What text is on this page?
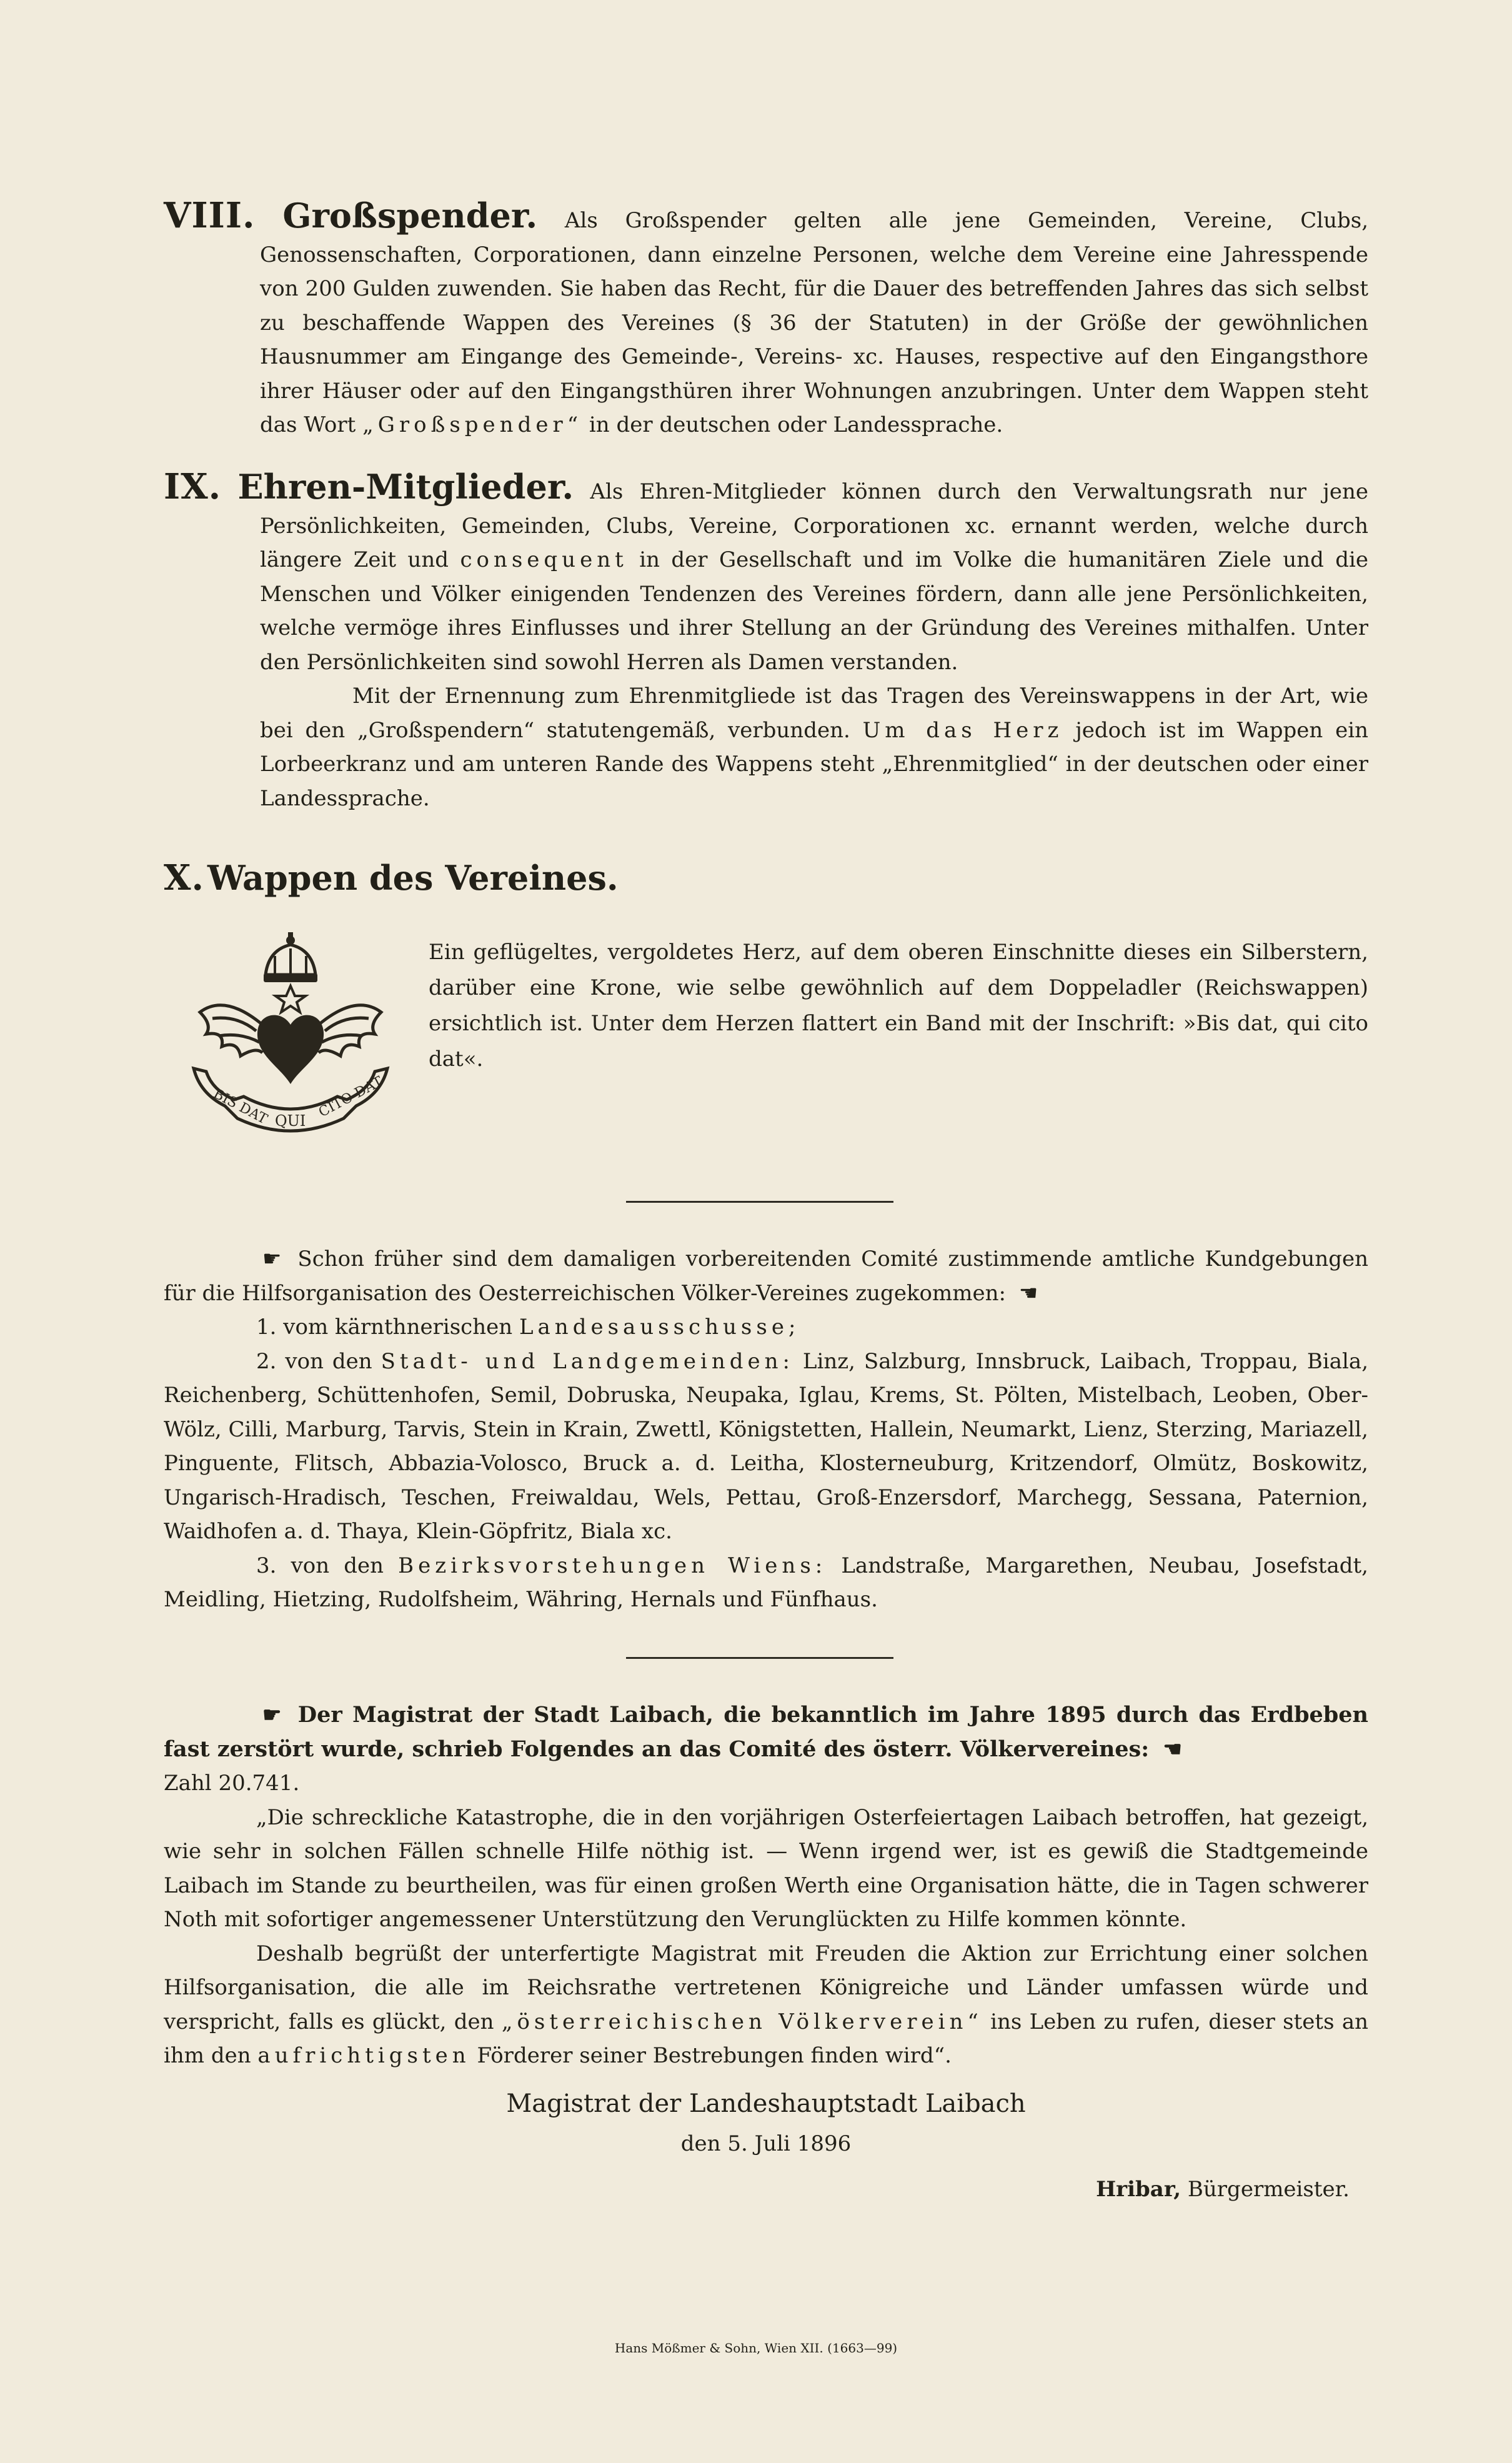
VIII. Großspender. Als Großspender gelten alle jene Gemeinden, Vereine, Clubs, Genossenschaften, Corporationen, dann einzelne Personen, welche dem Vereine eine Jahresspende von 200 Gulden zuwenden. Sie haben das Recht, für die Dauer des betreffenden Jahres das sich selbst zu beschaffende Wappen des Vereines (§ 36 der Statuten) in der Größe der gewöhnlichen Hausnummer am Eingange des Gemeinde-, Vereins- xc. Hauses, respective auf den Eingangsthore ihrer Häuser oder auf den Eingangsthüren ihrer Wohnungen anzubringen. Unter dem Wappen steht das Wort „Großspender“ in der deutschen oder Landessprache.

IX. Ehren-Mitglieder. Als Ehren-Mitglieder können durch den Verwaltungsrath nur jene Persönlichkeiten, Gemeinden, Clubs, Vereine, Corporationen xc. ernannt werden, welche durch längere Zeit und consequent in der Gesellschaft und im Volke die humanitären Ziele und die Menschen und Völker einigenden Tendenzen des Vereines fördern, dann alle jene Persönlichkeiten, welche vermöge ihres Einflusses und ihrer Stellung an der Gründung des Vereines mithalfen. Unter den Persönlichkeiten sind sowohl Herren als Damen verstanden.

Mit der Ernennung zum Ehrenmitgliede ist das Tragen des Vereinswappens in der Art, wie bei den „Großspendern“ statutengemäß, verbunden. Um das Herz jedoch ist im Wappen ein Lorbeerkranz und am unteren Rande des Wappens steht „Ehrenmitglied“ in der deutschen oder einer Landessprache.

X. Wappen des Vereines.
BIS DAT QUI
CITO DAT

Ein geflügeltes, vergoldetes Herz, auf dem oberen Einschnitte dieses ein Silberstern, darüber eine Krone, wie selbe gewöhnlich auf dem Doppeladler (Reichswappen) ersichtlich ist. Unter dem Herzen flattert ein Band mit der Inschrift: »Bis dat, qui cito dat«.

☛ Schon früher sind dem damaligen vorbereitenden Comité zustimmende amtliche Kundgebungen für die Hilfsorganisation des Oesterreichischen Völker-Vereines zugekommen: ☚

1. vom kärnthnerischen Landesausschusse;

2. von den Stadt- und Landgemeinden: Linz, Salzburg, Innsbruck, Laibach, Troppau, Biala, Reichenberg, Schüttenhofen, Semil, Dobruska, Neupaka, Iglau, Krems, St. Pölten, Mistelbach, Leoben, Ober-Wölz, Cilli, Marburg, Tarvis, Stein in Krain, Zwettl, Königstetten, Hallein, Neumarkt, Lienz, Sterzing, Mariazell, Pinguente, Flitsch, Abbazia-Volosco, Bruck a. d. Leitha, Klosterneuburg, Kritzendorf, Olmütz, Boskowitz, Ungarisch-Hradisch, Teschen, Freiwaldau, Wels, Pettau, Groß-Enzersdorf, Marchegg, Sessana, Paternion, Waidhofen a. d. Thaya, Klein-Göpfritz, Biala xc.

3. von den Bezirksvorstehungen Wiens: Landstraße, Margarethen, Neubau, Josefstadt, Meidling, Hietzing, Rudolfsheim, Währing, Hernals und Fünfhaus.

☛ Der Magistrat der Stadt Laibach, die bekanntlich im Jahre 1895 durch das Erdbeben fast zerstört wurde, schrieb Folgendes an das Comité des österr. Völkervereines: ☚

Zahl 20.741.

„Die schreckliche Katastrophe, die in den vorjährigen Osterfeiertagen Laibach betroffen, hat gezeigt, wie sehr in solchen Fällen schnelle Hilfe nöthig ist. — Wenn irgend wer, ist es gewiß die Stadtgemeinde Laibach im Stande zu beurtheilen, was für einen großen Werth eine Organisation hätte, die in Tagen schwerer Noth mit sofortiger angemessener Unterstützung den Verunglückten zu Hilfe kommen könnte.

Deshalb begrüßt der unterfertigte Magistrat mit Freuden die Aktion zur Errichtung einer solchen Hilfsorganisation, die alle im Reichsrathe vertretenen Königreiche und Länder umfassen würde und verspricht, falls es glückt, den „österreichischen Völkerverein“ ins Leben zu rufen, dieser stets an ihm den aufrichtigsten Förderer seiner Bestrebungen finden wird“.

Magistrat der Landeshauptstadt Laibach

den 5. Juli 1896

Hribar, Bürgermeister.

Hans Mößmer & Sohn, Wien XII. (1663—99)
